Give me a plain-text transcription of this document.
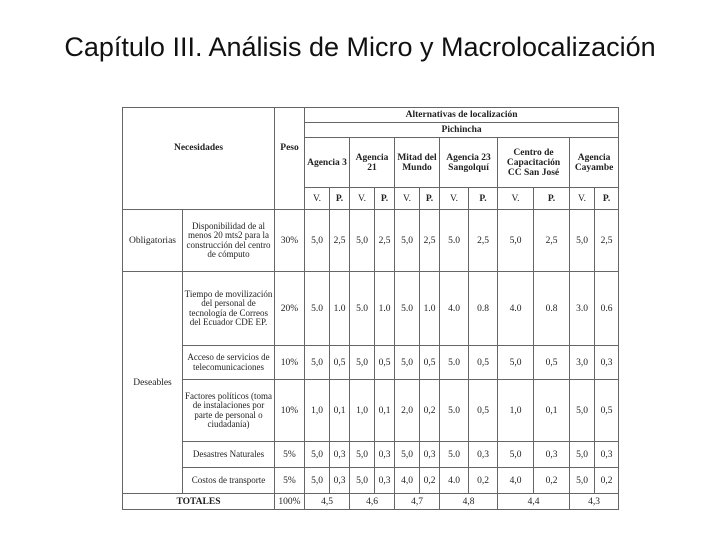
Capítulo III. Análisis de Micro y Macrolocalización
Necesidades		Peso	Alternativas de localización											
			Pichincha											
			Agencia 3		Agencia 21		Mitad del Mundo		Agencia 23 Sangolquí		Centro de Capacitación CC San José		Agencia Cayambe	
			V.	P.	V.	P.	V.	P.	V.	P.	V.	P.	V.	P.
Obligatorias	Disponibilidad de al menos 20 mts2 para la construcción del centro de cómputo	30%	5,0	2,5	5,0	2,5	5,0	2,5	5.0	2,5	5,0	2,5	5,0	2,5
Deseables	Tiempo de movilización del personal de tecnología de Correos del Ecuador CDE EP.	20%	5.0	1.0	5.0	1.0	5.0	1.0	4.0	0.8	4.0	0.8	3.0	0.6
	Acceso de servicios de telecomunicaciones	10%	5,0	0,5	5,0	0,5	5,0	0,5	5.0	0,5	5,0	0,5	3,0	0,3
	Factores políticos (toma de instalaciones por parte de personal o ciudadanía)	10%	1,0	0,1	1,0	0,1	2,0	0,2	5.0	0,5	1,0	0,1	5,0	0,5
	Desastres Naturales	5%	5,0	0,3	5,0	0,3	5,0	0,3	5.0	0,3	5,0	0,3	5,0	0,3
	Costos de transporte	5%	5,0	0,3	5,0	0,3	4,0	0,2	4.0	0,2	4,0	0,2	5,0	0,2
TOTALES		100%	4,5		4,6		4,7		4,8		4,4		4,3	
